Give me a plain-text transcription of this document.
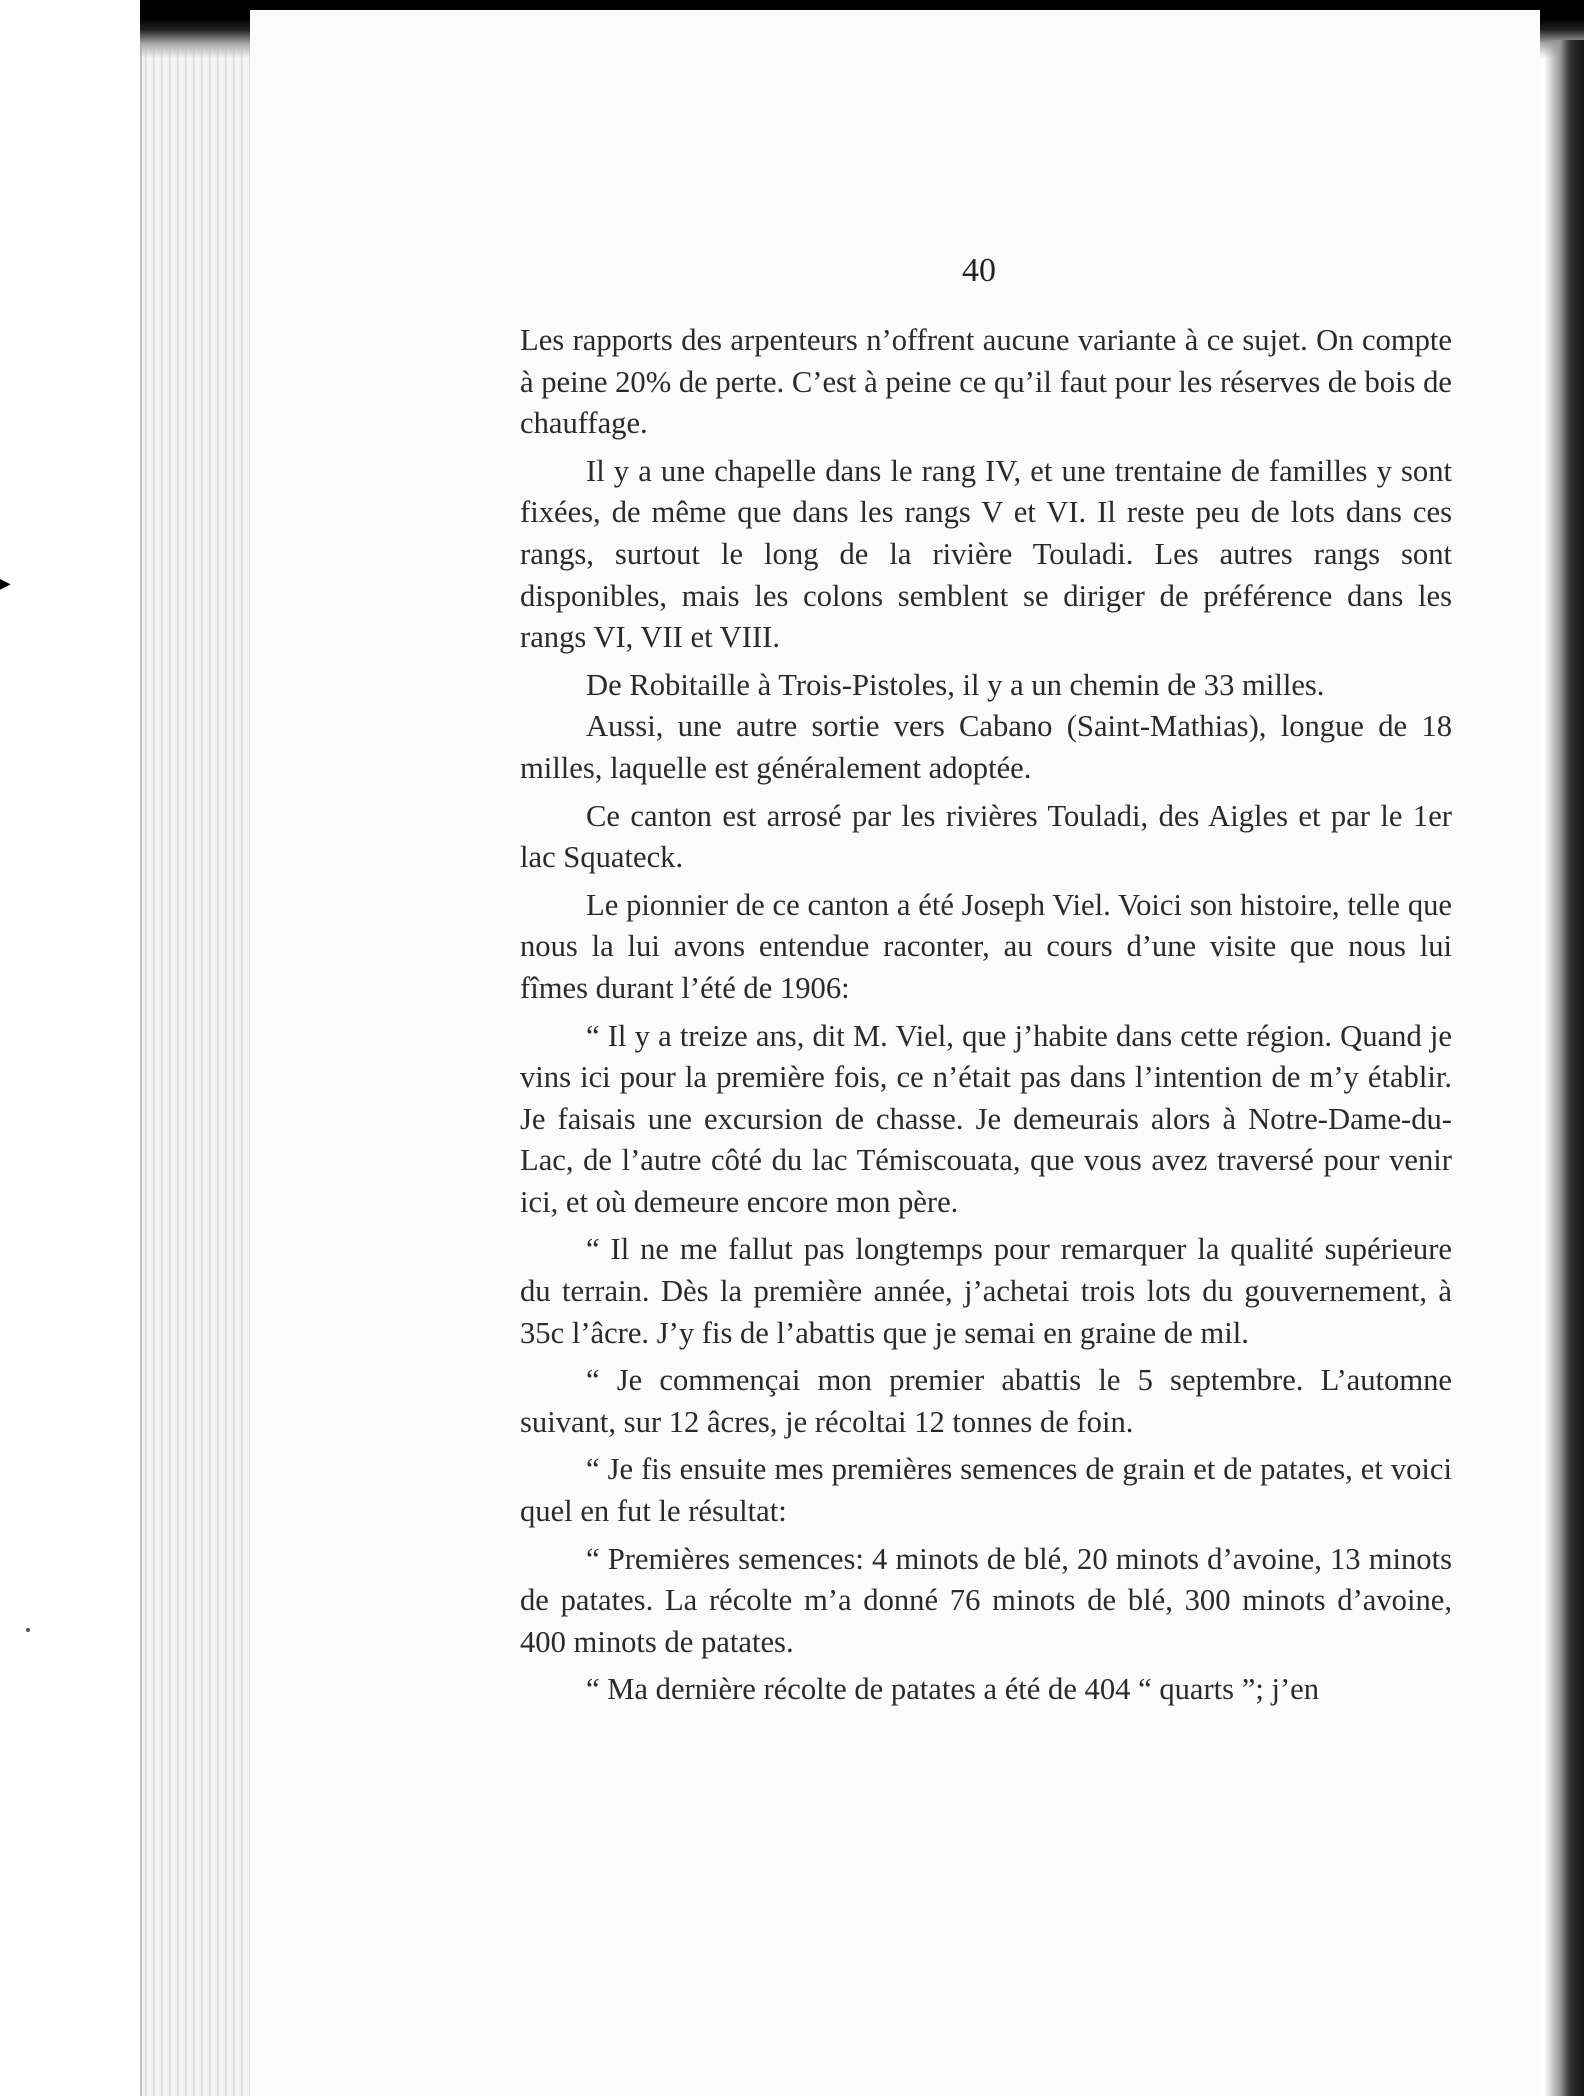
▶
40

Les rapports des arpenteurs n’offrent aucune variante à ce sujet. On compte à peine 20% de perte. C’est à peine ce qu’il faut pour les réserves de bois de chauffage.

Il y a une chapelle dans le rang IV, et une trentaine de familles y sont fixées, de même que dans les rangs V et VI. Il reste peu de lots dans ces rangs, surtout le long de la rivière Touladi. Les autres rangs sont disponibles, mais les colons semblent se diriger de préférence dans les rangs VI, VII et VIII.

De Robitaille à Trois-Pistoles, il y a un chemin de 33 milles.

Aussi, une autre sortie vers Cabano (Saint-Mathias), longue de 18 milles, laquelle est généralement adoptée.

Ce canton est arrosé par les rivières Touladi, des Aigles et par le 1er lac Squateck.

Le pionnier de ce canton a été Joseph Viel. Voici son histoire, telle que nous la lui avons entendue raconter, au cours d’une visite que nous lui fîmes durant l’été de 1906:

“ Il y a treize ans, dit M. Viel, que j’habite dans cette région. Quand je vins ici pour la première fois, ce n’était pas dans l’intention de m’y établir. Je faisais une excursion de chasse. Je demeurais alors à Notre-Dame-du-Lac, de l’autre côté du lac Témiscouata, que vous avez traversé pour venir ici, et où demeure encore mon père.

“ Il ne me fallut pas longtemps pour remarquer la qualité supérieure du terrain. Dès la première année, j’achetai trois lots du gouvernement, à 35c l’âcre. J’y fis de l’abattis que je semai en graine de mil.

“ Je commençai mon premier abattis le 5 septembre. L’automne suivant, sur 12 âcres, je récoltai 12 tonnes de foin.

“ Je fis ensuite mes premières semences de grain et de patates, et voici quel en fut le résultat:

“ Premières semences: 4 minots de blé, 20 minots d’avoine, 13 minots de patates. La récolte m’a donné 76 minots de blé, 300 minots d’avoine, 400 minots de patates.

“ Ma dernière récolte de patates a été de 404 “ quarts ”; j’en
